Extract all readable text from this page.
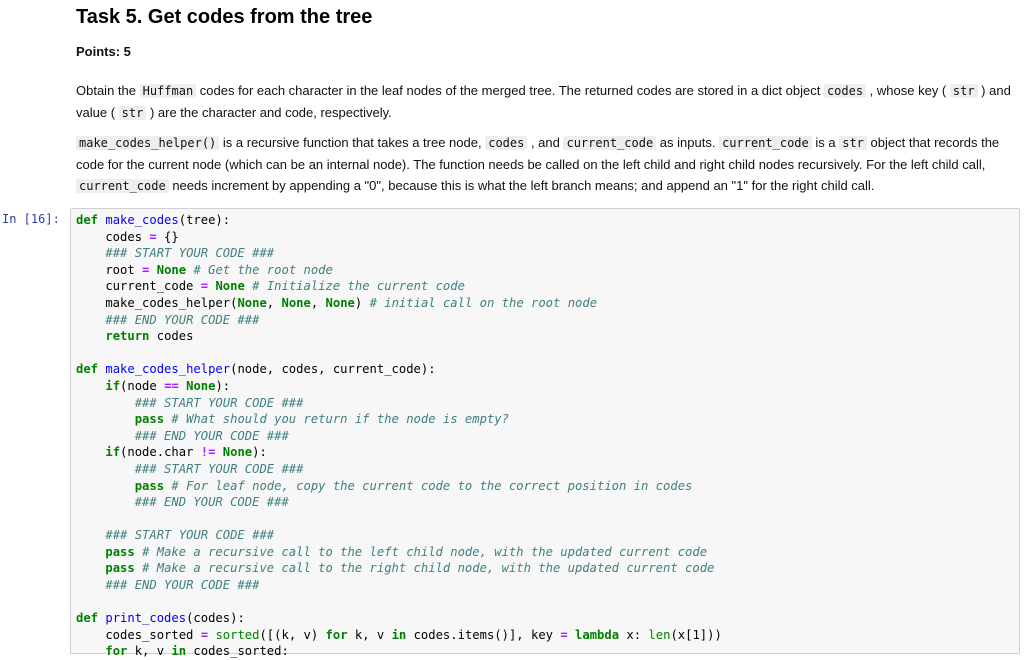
Task 5. Get codes from the tree
Points: 5

Obtain the Huffman codes for each character in the leaf nodes of the merged tree. The returned codes are stored in a dict object codes , whose key ( str ) and value ( str ) are the character and code, respectively.

make_codes_helper() is a recursive function that takes a tree node, codes , and current_code as inputs. current_code is a str object that records the code for the current node (which can be an internal node). The function needs be called on the left child and right child nodes recursively. For the left child call, current_code needs increment by appending a "0", because this is what the left branch means; and append an "1" for the right child call.

In [16]: def make_codes(tree):
codes = {}
### START YOUR CODE ###
root = None # Get the root node
current_code = None # Initialize the current code
make_codes_helper(None, None, None) # initial call on the root node
### END YOUR CODE ###
return codes
def make_codes_helper(node, codes, current_code):
if(node == None):
### START YOUR CODE ###
pass # What should you return if the node is empty?
### END YOUR CODE ###
if(node.char != None):
### START YOUR CODE ###
pass # For leaf node, copy the current code to the correct position in codes
### END YOUR CODE ###
### START YOUR CODE ###
pass # Make a recursive call to the left child node, with the updated current code
pass # Make a recursive call to the right child node, with the updated current code
### END YOUR CODE ###
def print_codes(codes):
codes_sorted = sorted([(k, v) for k, v in codes.items()], key = lambda x: len(x[1]))
for k, v in codes_sorted:
